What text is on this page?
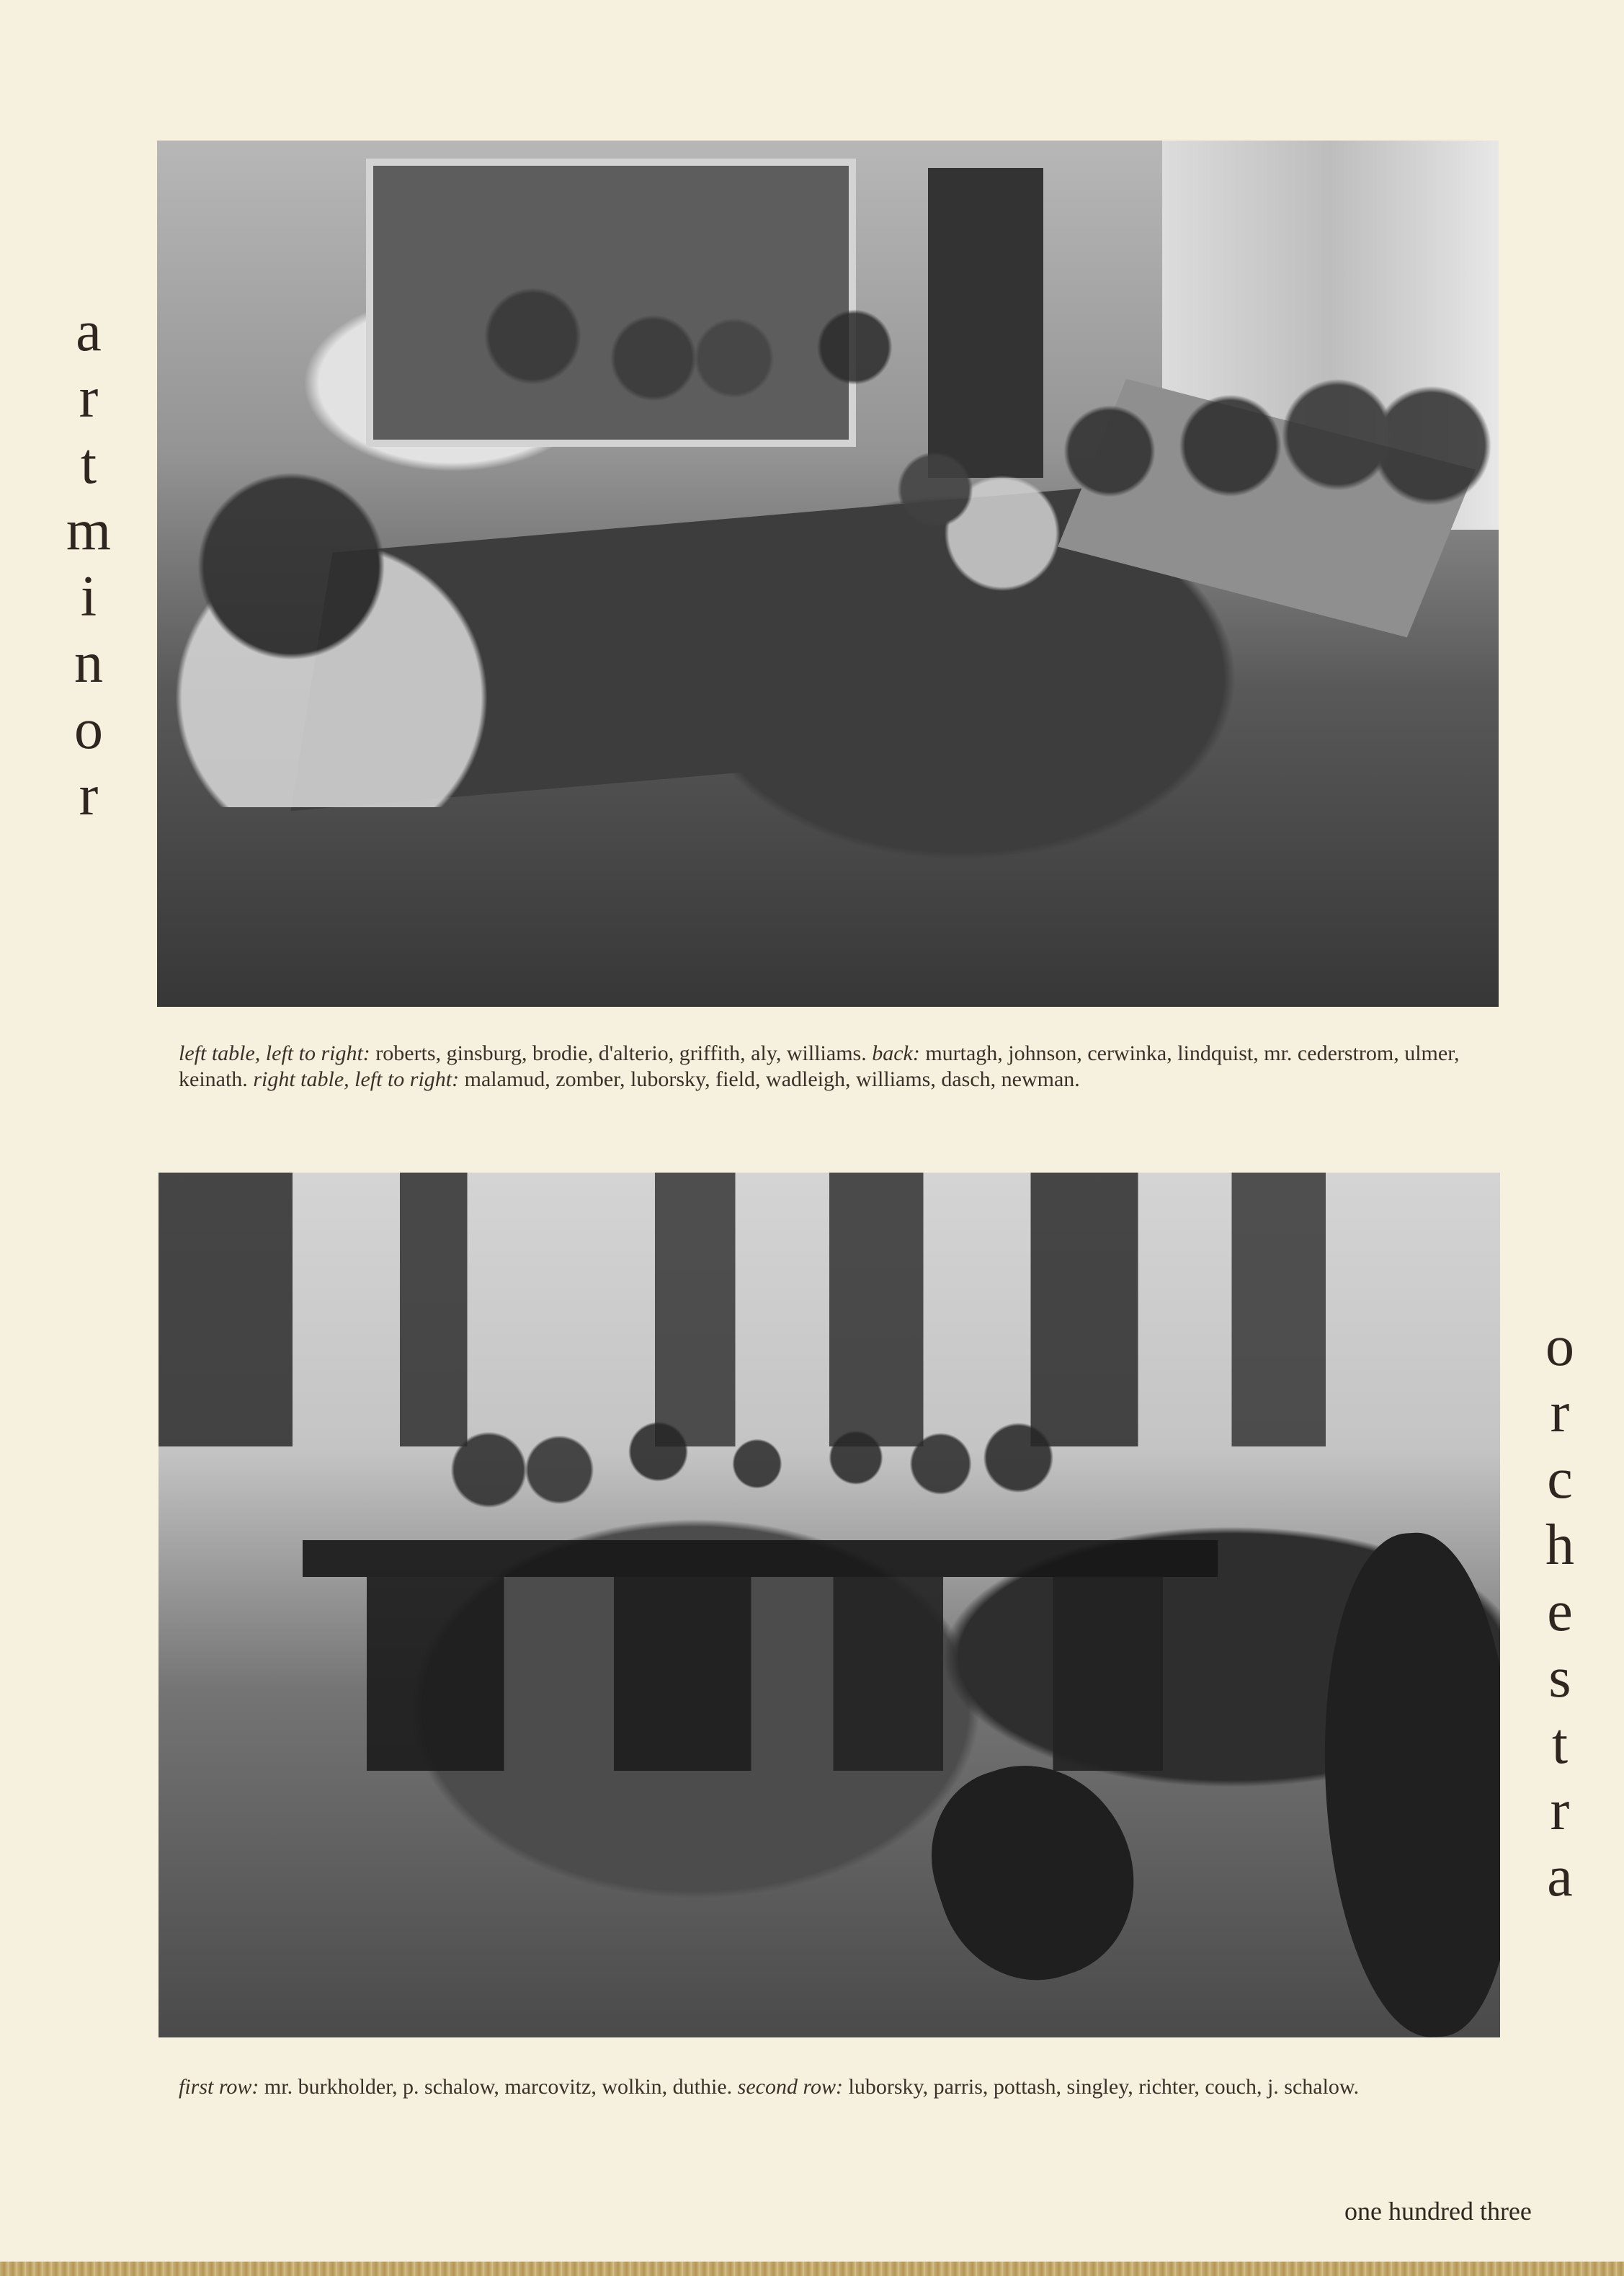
a
r
t
m
i
n
o
r
left table, left to right: roberts, ginsburg, brodie, d'alterio, griffith, aly, williams. back: murtagh, johnson, cerwinka, lindquist, mr. cederstrom, ulmer, keinath. right table, left to right: malamud, zomber, luborsky, field, wadleigh, williams, dasch, newman.
o
r
c
h
e
s
t
r
a
first row: mr. burkholder, p. schalow, marcovitz, wolkin, duthie. second row: luborsky, parris, pottash, singley, richter, couch, j. schalow.
one hundred three
